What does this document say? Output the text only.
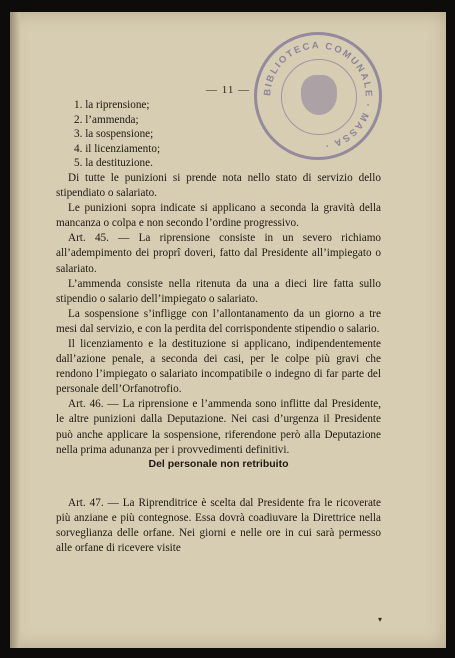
BIBLIOTECA COMUNALE · MASSA ·
— 11 —
1. la riprensione;
2. l’ammenda;
3. la sospensione;
4. il licenziamento;
5. la destituzione.

Di tutte le punizioni si prende nota nello stato di servizio dello stipendiato o salariato.

Le punizioni sopra indicate si applicano a seconda la gravità della mancanza o colpa e non secondo l’ordine progressivo.

Art. 45. — La riprensione consiste in un severo richiamo all’adempimento dei proprî doveri, fatto dal Presidente all’impiegato o salariato.

L’ammenda consiste nella ritenuta da una a dieci lire fatta sullo stipendio o salario dell’impiegato o salariato.

La sospensione s’infligge con l’allontanamento da un giorno a tre mesi dal servizio, e con la perdita del corrispondente stipendio o salario.

Il licenziamento e la destituzione si applicano, indipendentemente dall’azione penale, a seconda dei casi, per le colpe più gravi che rendono l’impiegato o salariato incompatibile o indegno di far parte del personale dell’Orfanotrofio.

Art. 46. — La riprensione e l’ammenda sono inflitte dal Presidente, le altre punizioni dalla Deputazione. Nei casi d’urgenza il Presidente può anche applicare la sospensione, riferendone però alla Deputazione nella prima adunanza per i provvedimenti definitivi.

Del personale non retribuito

Art. 47. — La Riprenditrice è scelta dal Presidente fra le ricoverate più anziane e più contegnose. Essa dovrà coadiuvare la Direttrice nella sorveglianza delle orfane. Nei giorni e nelle ore in cui sarà permesso alle orfane di ricevere visite

▾
